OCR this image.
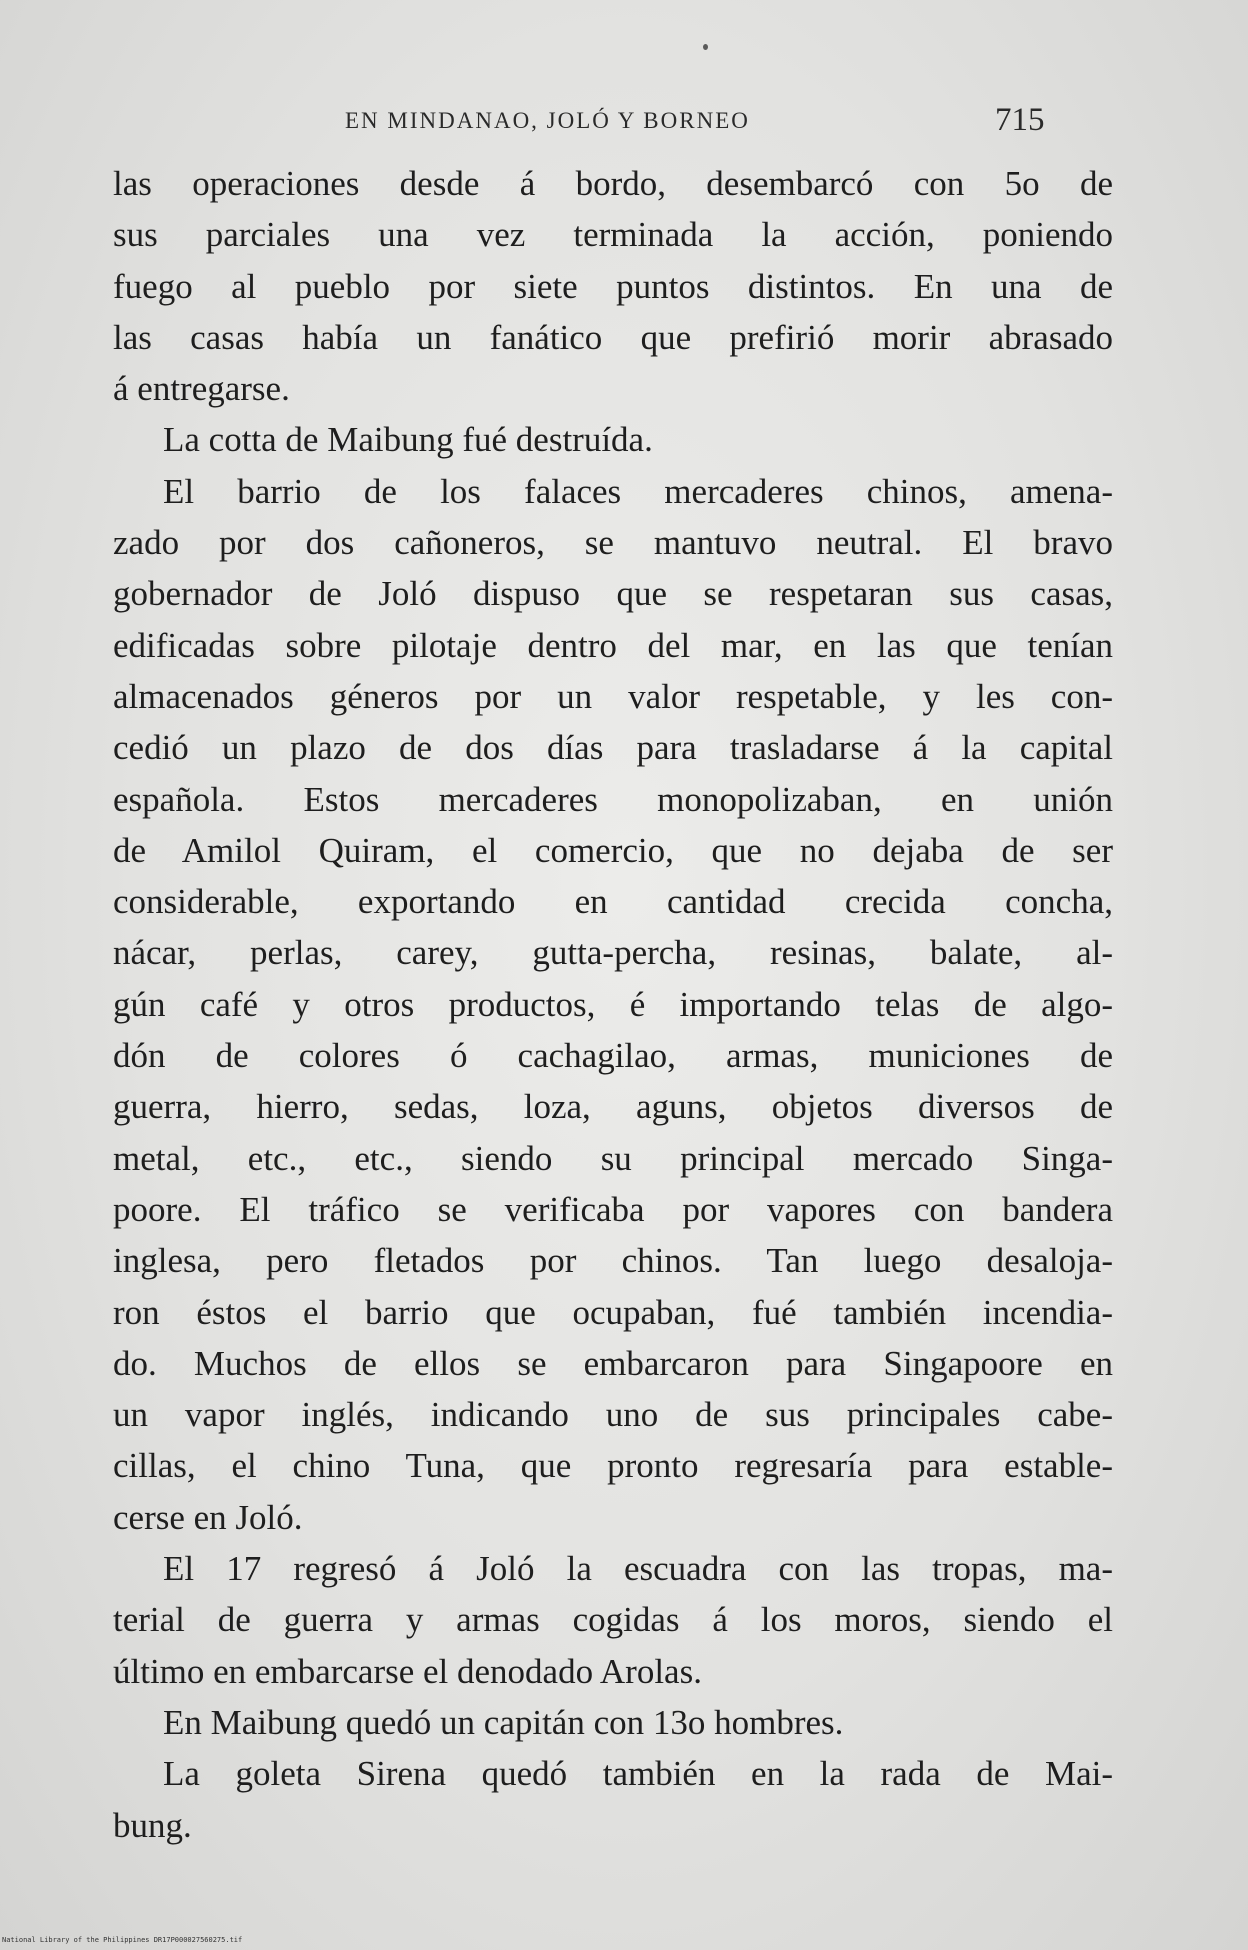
EN MINDANAO, JOLÓ Y BORNEO	715
las operaciones desde á bordo, desembarcó con 5o de
sus parciales una vez terminada la acción, poniendo
fuego al pueblo por siete puntos distintos. En una de
las casas había un fanático que prefirió morir abrasado
á entregarse.
La cotta de Maibung fué destruída.
El barrio de los falaces mercaderes chinos, amena-
zado por dos cañoneros, se mantuvo neutral. El bravo
gobernador de Joló dispuso que se respetaran sus casas,
edificadas sobre pilotaje dentro del mar, en las que tenían
almacenados géneros por un valor respetable, y les con-
cedió un plazo de dos días para trasladarse á la capital
española. Estos mercaderes monopolizaban, en unión
de Amilol Quiram, el comercio, que no dejaba de ser
considerable, exportando en cantidad crecida concha,
nácar, perlas, carey, gutta-percha, resinas, balate, al-
gún café y otros productos, é importando telas de algo-
dón de colores ó cachagilao, armas, municiones de
guerra, hierro, sedas, loza, aguns, objetos diversos de
metal, etc., etc., siendo su principal mercado Singa-
poore. El tráfico se verificaba por vapores con bandera
inglesa, pero fletados por chinos. Tan luego desaloja-
ron éstos el barrio que ocupaban, fué también incendia-
do. Muchos de ellos se embarcaron para Singapoore en
un vapor inglés, indicando uno de sus principales cabe-
cillas, el chino Tuna, que pronto regresaría para estable-
cerse en Joló.
El 17 regresó á Joló la escuadra con las tropas, ma-
terial de guerra y armas cogidas á los moros, siendo el
último en embarcarse el denodado Arolas.
En Maibung quedó un capitán con 13o hombres.
La goleta Sirena quedó también en la rada de Mai-
bung.
National Library of the Philippines DR17P000027560275.tif
